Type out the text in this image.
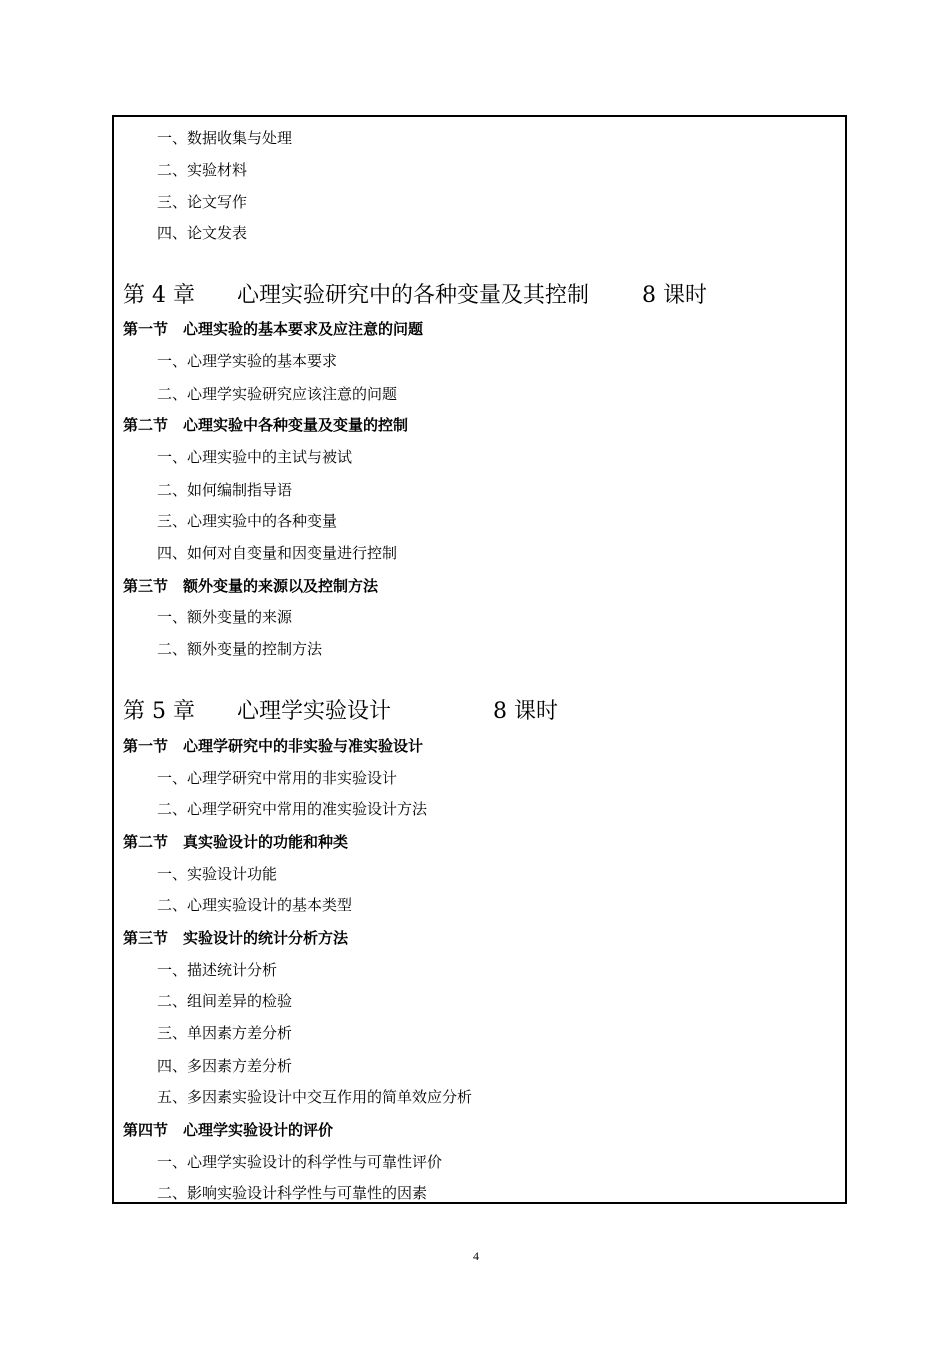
一、数据收集与处理
二、实验材料
三、论文写作
四、论文发表
第 4 章 心理实验研究中的各种变量及其控制 8 课时
第一节　心理实验的基本要求及应注意的问题
一、心理学实验的基本要求
二、心理学实验研究应该注意的问题
第二节　心理实验中各种变量及变量的控制
一、心理实验中的主试与被试
二、如何编制指导语
三、心理实验中的各种变量
四、如何对自变量和因变量进行控制
第三节　额外变量的来源以及控制方法
一、额外变量的来源
二、额外变量的控制方法
第 5 章 心理学实验设计	8 课时
第一节　心理学研究中的非实验与准实验设计
一、心理学研究中常用的非实验设计
二、心理学研究中常用的准实验设计方法
第二节　真实验设计的功能和种类
一、实验设计功能
二、心理实验设计的基本类型
第三节　实验设计的统计分析方法
一、描述统计分析
二、组间差异的检验
三、单因素方差分析
四、多因素方差分析
五、多因素实验设计中交互作用的简单效应分析
第四节　心理学实验设计的评价
一、心理学实验设计的科学性与可靠性评价
二、影响实验设计科学性与可靠性的因素
4
